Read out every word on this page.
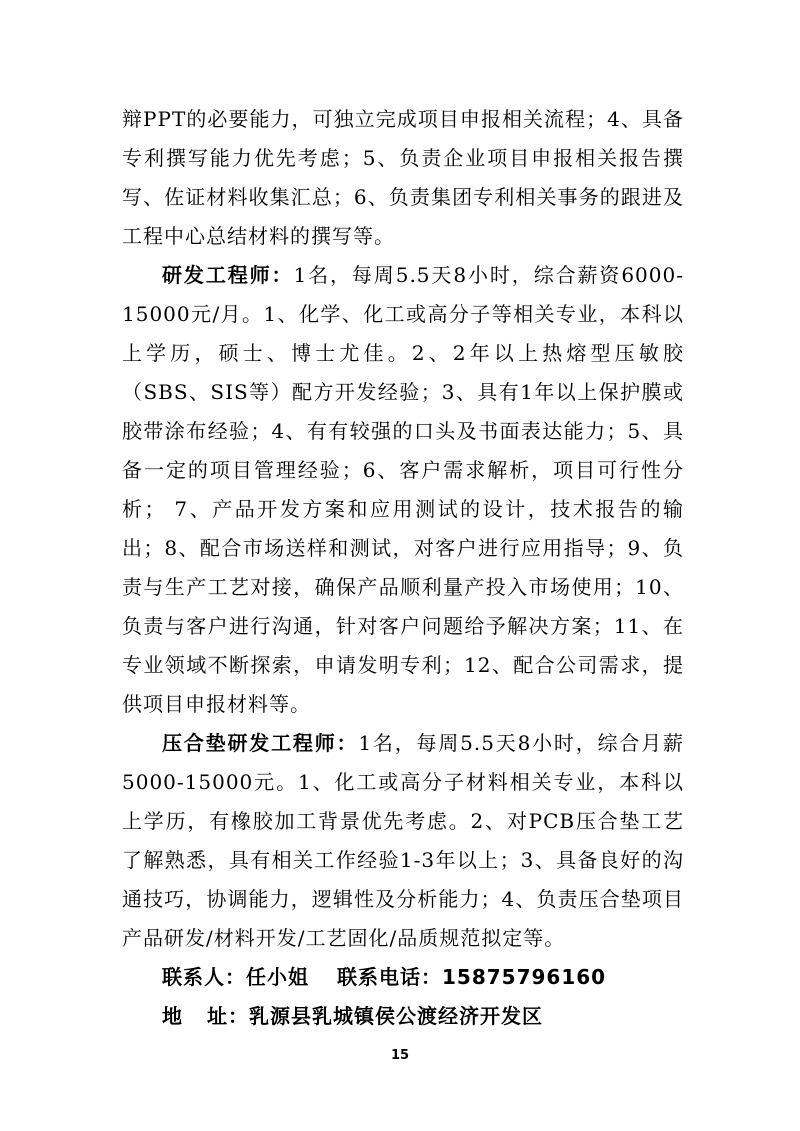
辩PPT的必要能力，可独立完成项目申报相关流程；4、具备专利撰写能力优先考虑；5、负责企业项目申报相关报告撰写、佐证材料收集汇总；6、负责集团专利相关事务的跟进及工程中心总结材料的撰写等。

研发工程师：1名，每周5.5天8小时，综合薪资6000-15000元/月。1、化学、化工或高分子等相关专业，本科以上学历，硕士、博士尤佳。2、2年以上热熔型压敏胶（SBS、SIS等）配方开发经验；3、具有1年以上保护膜或胶带涂布经验；4、有有较强的口头及书面表达能力；5、具备一定的项目管理经验；6、客户需求解析，项目可行性分析； 7、产品开发方案和应用测试的设计，技术报告的输出；8、配合市场送样和测试，对客户进行应用指导；9、负责与生产工艺对接，确保产品顺利量产投入市场使用；10、负责与客户进行沟通，针对客户问题给予解决方案；11、在专业领域不断探索，申请发明专利；12、配合公司需求，提供项目申报材料等。

压合垫研发工程师：1名，每周5.5天8小时，综合月薪5000-15000元。1、化工或高分子材料相关专业，本科以上学历，有橡胶加工背景优先考虑。2、对PCB压合垫工艺了解熟悉，具有相关工作经验1-3年以上；3、具备良好的沟通技巧，协调能力，逻辑性及分析能力；4、负责压合垫项目产品研发/材料开发/工艺固化/品质规范拟定等。

联系人：任小姐 联系电话：15875796160
地 址：乳源县乳城镇侯公渡经济开发区
15
